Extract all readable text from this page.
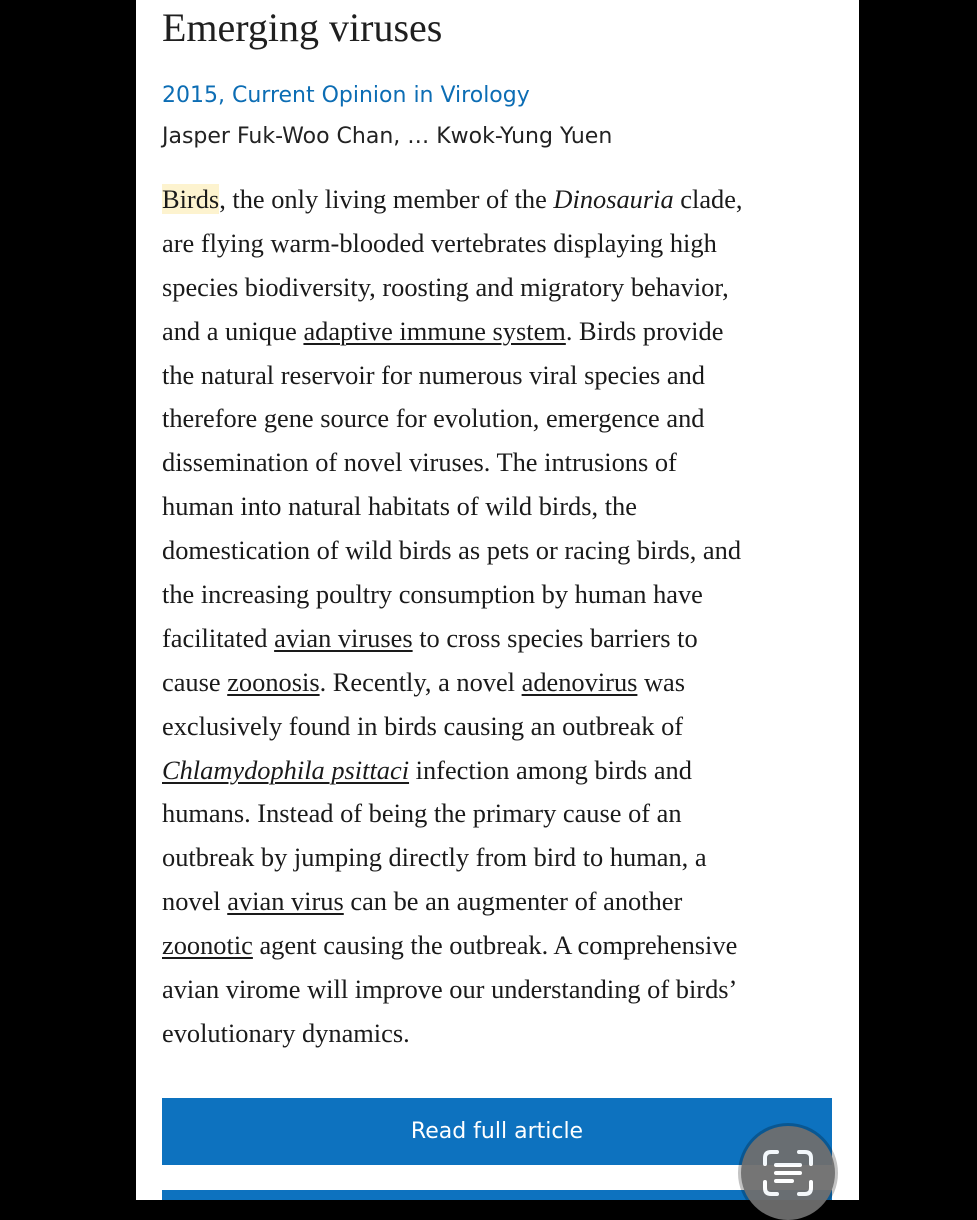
Emerging viruses
2015, Current Opinion in Virology
Jasper Fuk-Woo Chan, … Kwok-Yung Yuen
Birds, the only living member of the Dinosauria clade,
are flying warm-blooded vertebrates displaying high
species biodiversity, roosting and migratory behavior,
and a unique adaptive immune system. Birds provide
the natural reservoir for numerous viral species and
therefore gene source for evolution, emergence and
dissemination of novel viruses. The intrusions of
human into natural habitats of wild birds, the
domestication of wild birds as pets or racing birds, and
the increasing poultry consumption by human have
facilitated avian viruses to cross species barriers to
cause zoonosis. Recently, a novel adenovirus was
exclusively found in birds causing an outbreak of
Chlamydophila psittaci infection among birds and
humans. Instead of being the primary cause of an
outbreak by jumping directly from bird to human, a
novel avian virus can be an augmenter of another
zoonotic agent causing the outbreak. A comprehensive
avian virome will improve our understanding of birds’
evolutionary dynamics.
Read full article
